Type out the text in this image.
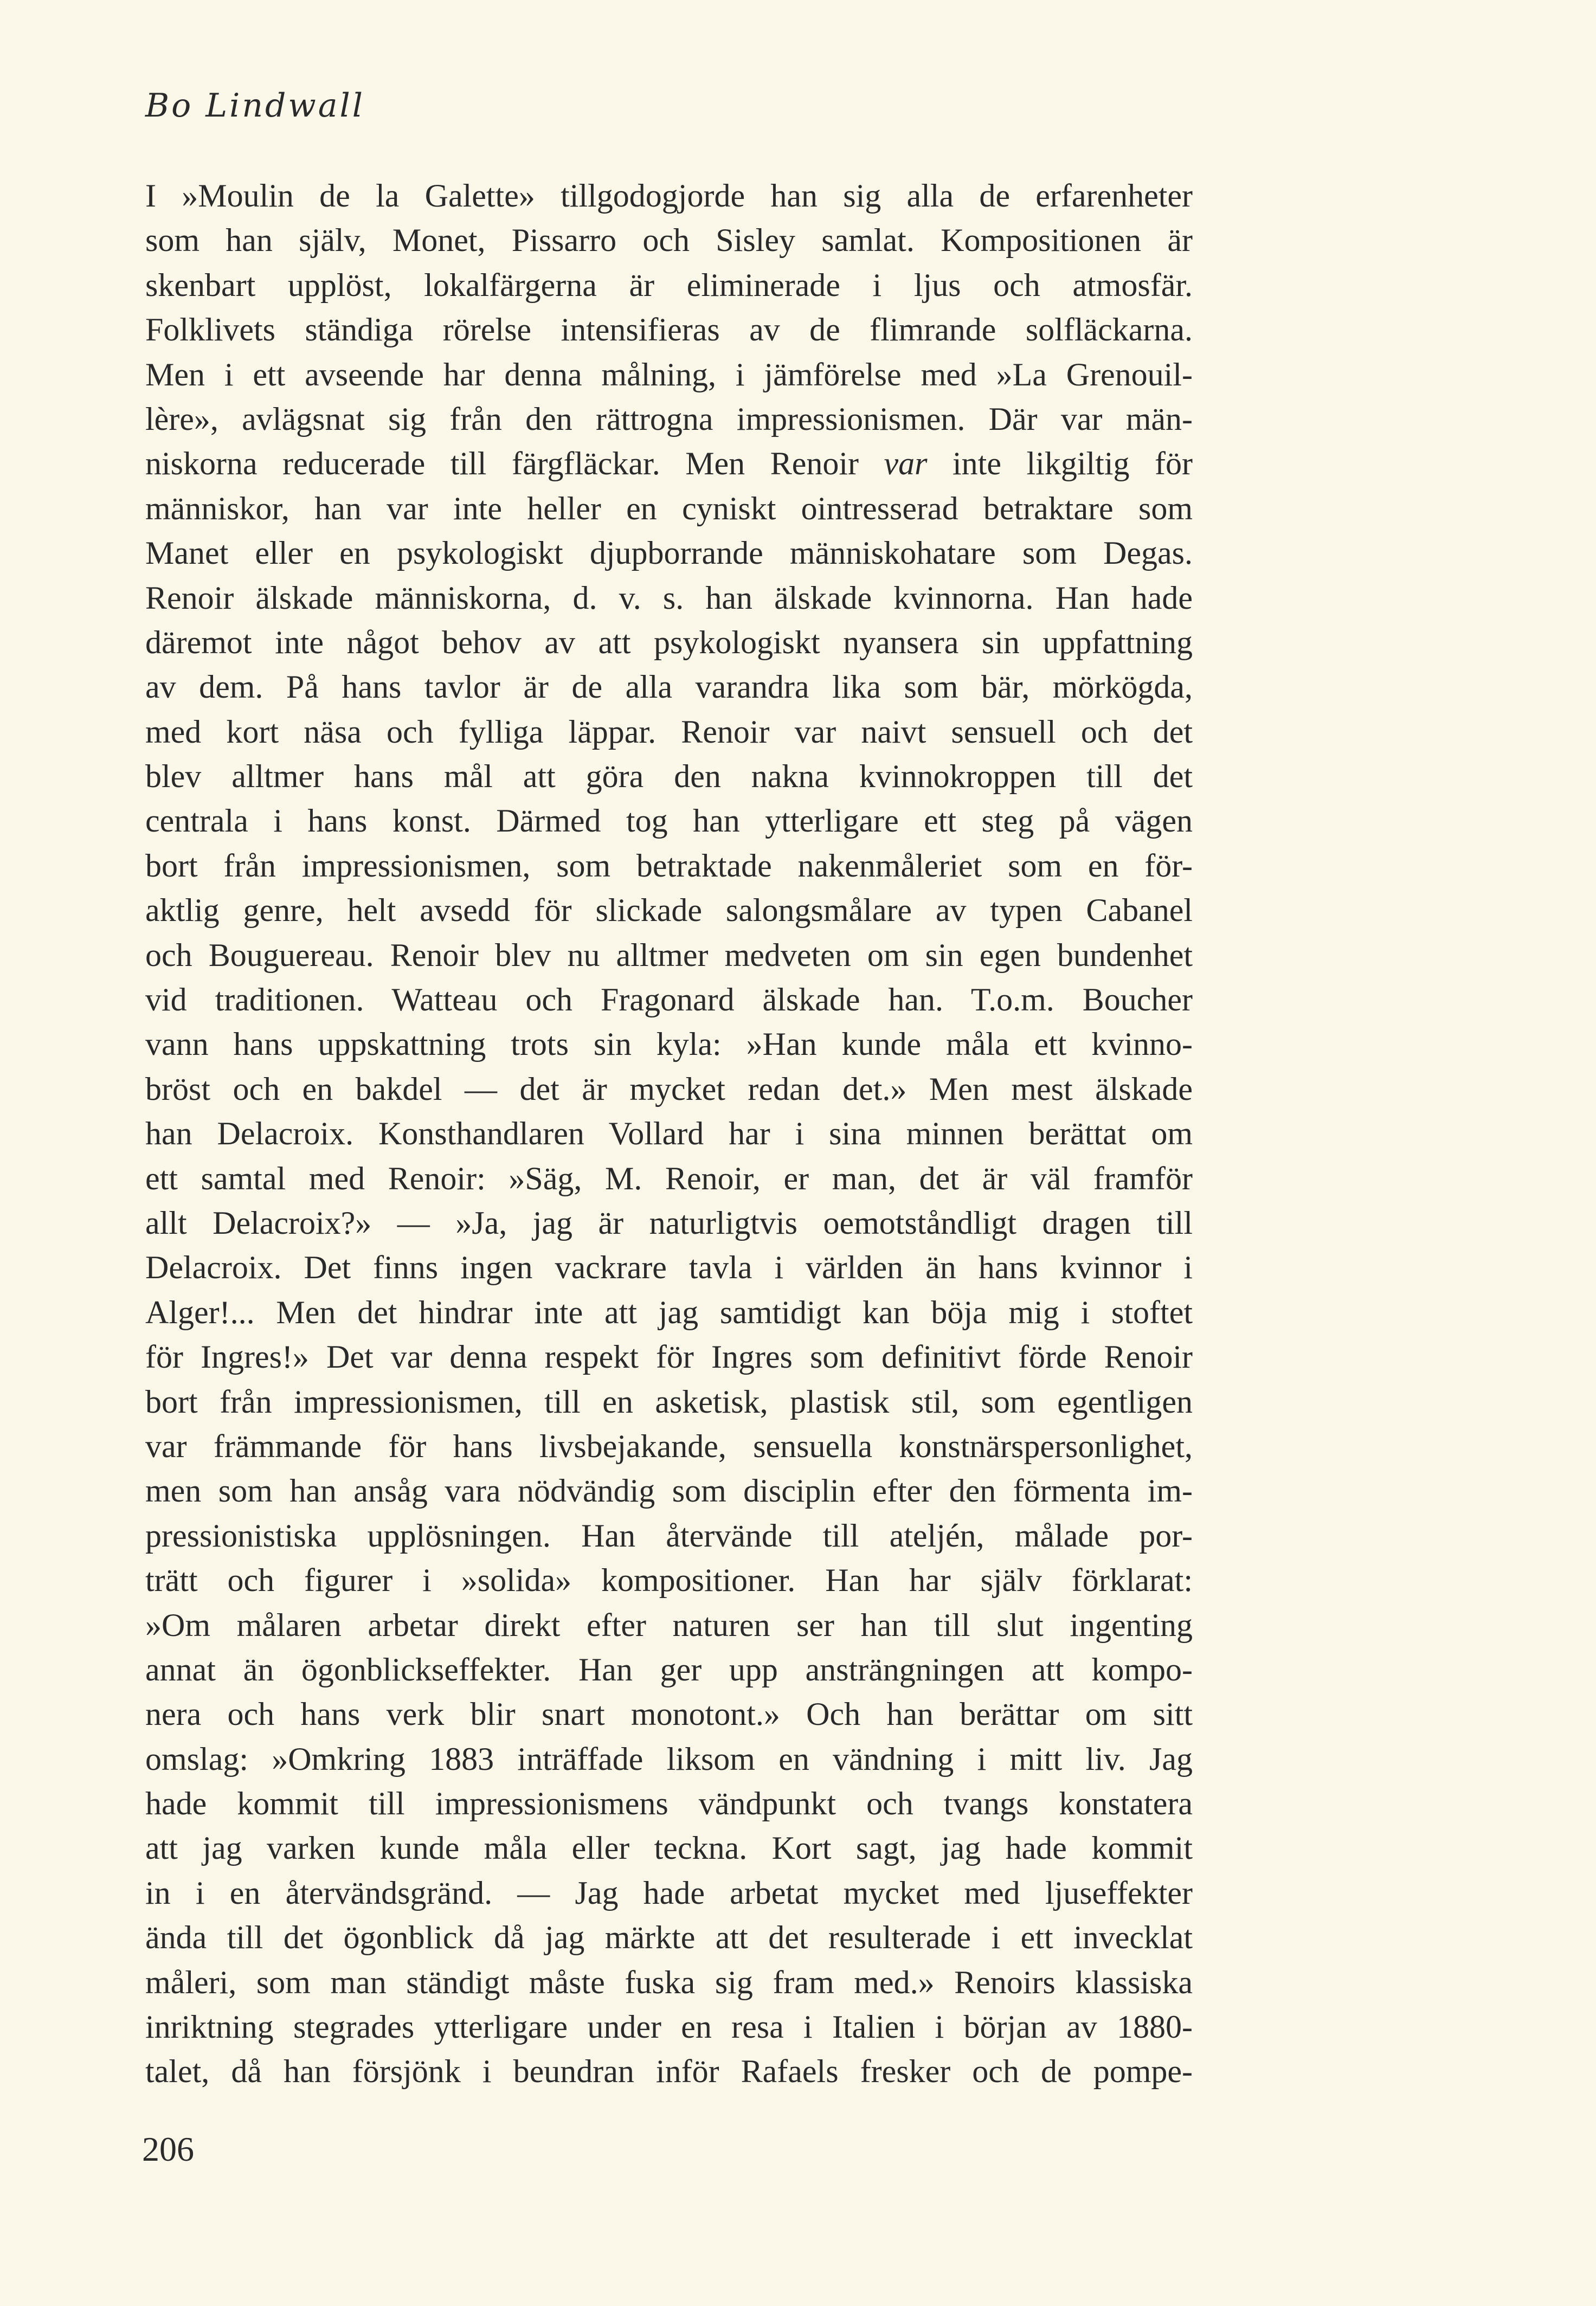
Bo Lindwall
I »Moulin de la Galette» tillgodogjorde han sig alla de erfarenheter
som han själv, Monet, Pissarro och Sisley samlat. Kompositionen är
skenbart upplöst, lokalfärgerna är eliminerade i ljus och atmosfär.
Folklivets ständiga rörelse intensifieras av de flimrande solfläckarna.
Men i ett avseende har denna målning, i jämförelse med »La Grenouil-
lère», avlägsnat sig från den rättrogna impressionismen. Där var män-
niskorna reducerade till färgfläckar. Men Renoir var inte likgiltig för
människor, han var inte heller en cyniskt ointresserad betraktare som
Manet eller en psykologiskt djupborrande människohatare som Degas.
Renoir älskade människorna, d. v. s. han älskade kvinnorna. Han hade
däremot inte något behov av att psykologiskt nyansera sin uppfattning
av dem. På hans tavlor är de alla varandra lika som bär, mörkögda,
med kort näsa och fylliga läppar. Renoir var naivt sensuell och det
blev alltmer hans mål att göra den nakna kvinnokroppen till det
centrala i hans konst. Därmed tog han ytterligare ett steg på vägen
bort från impressionismen, som betraktade nakenmåleriet som en för-
aktlig genre, helt avsedd för slickade salongsmålare av typen Cabanel
och Bouguereau. Renoir blev nu alltmer medveten om sin egen bundenhet
vid traditionen. Watteau och Fragonard älskade han. T.o.m. Boucher
vann hans uppskattning trots sin kyla: »Han kunde måla ett kvinno-
bröst och en bakdel — det är mycket redan det.» Men mest älskade
han Delacroix. Konsthandlaren Vollard har i sina minnen berättat om
ett samtal med Renoir: »Säg, M. Renoir, er man, det är väl framför
allt Delacroix?» — »Ja, jag är naturligtvis oemotståndligt dragen till
Delacroix. Det finns ingen vackrare tavla i världen än hans kvinnor i
Alger!... Men det hindrar inte att jag samtidigt kan böja mig i stoftet
för Ingres!» Det var denna respekt för Ingres som definitivt förde Renoir
bort från impressionismen, till en asketisk, plastisk stil, som egentligen
var främmande för hans livsbejakande, sensuella konstnärspersonlighet,
men som han ansåg vara nödvändig som disciplin efter den förmenta im-
pressionistiska upplösningen. Han återvände till ateljén, målade por-
trätt och figurer i »solida» kompositioner. Han har själv förklarat:
»Om målaren arbetar direkt efter naturen ser han till slut ingenting
annat än ögonblickseffekter. Han ger upp ansträngningen att kompo-
nera och hans verk blir snart monotont.» Och han berättar om sitt
omslag: »Omkring 1883 inträffade liksom en vändning i mitt liv. Jag
hade kommit till impressionismens vändpunkt och tvangs konstatera
att jag varken kunde måla eller teckna. Kort sagt, jag hade kommit
in i en återvändsgränd. — Jag hade arbetat mycket med ljuseffekter
ända till det ögonblick då jag märkte att det resulterade i ett invecklat
måleri, som man ständigt måste fuska sig fram med.» Renoirs klassiska
inriktning stegrades ytterligare under en resa i Italien i början av 1880-
talet, då han försjönk i beundran inför Rafaels fresker och de pompe-
206
